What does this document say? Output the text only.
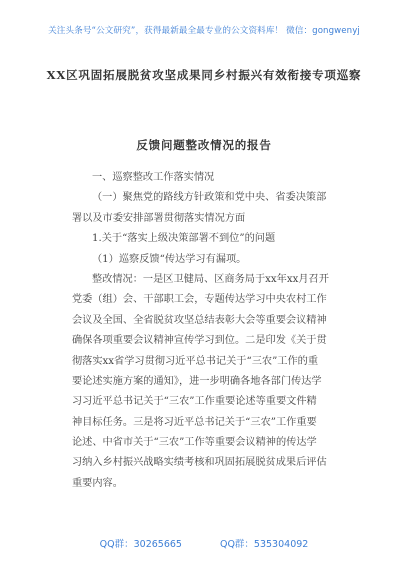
关注头条号“公文研究”，获得最新最全最专业的公文资料库！ 微信：gongwenyj
XX区巩固拓展脱贫攻坚成果同乡村振兴有效衔接专项巡察
反馈问题整改情况的报告
一、巡察整改工作落实情况
（一）聚焦党的路线方针政策和党中央、省委决策部
署以及市委安排部署贯彻落实情况方面
1.关于“落实上级决策部署不到位”的问题
（1）巡察反馈“传达学习有漏项。
整改情况：一是区卫健局、区商务局于xx年xx月召开
党委（组）会、干部职工会，专题传达学习中央农村工作
会议及全国、全省脱贫攻坚总结表彰大会等重要会议精神
确保各项重要会议精神宣传学习到位。二是印发《关于贯
彻落实xx省学习贯彻习近平总书记关于“三农”工作的重
要论述实施方案的通知》，进一步明确各地各部门传达学
习习近平总书记关于“三农”工作重要论述等重要文件精
神目标任务。三是将习近平总书记关于“三农”工作重要
论述、中省市关于“三农”工作等重要会议精神的传达学
习纳入乡村振兴战略实绩考核和巩固拓展脱贫成果后评估
重要内容。
QQ群：30265665	QQ群：535304092
